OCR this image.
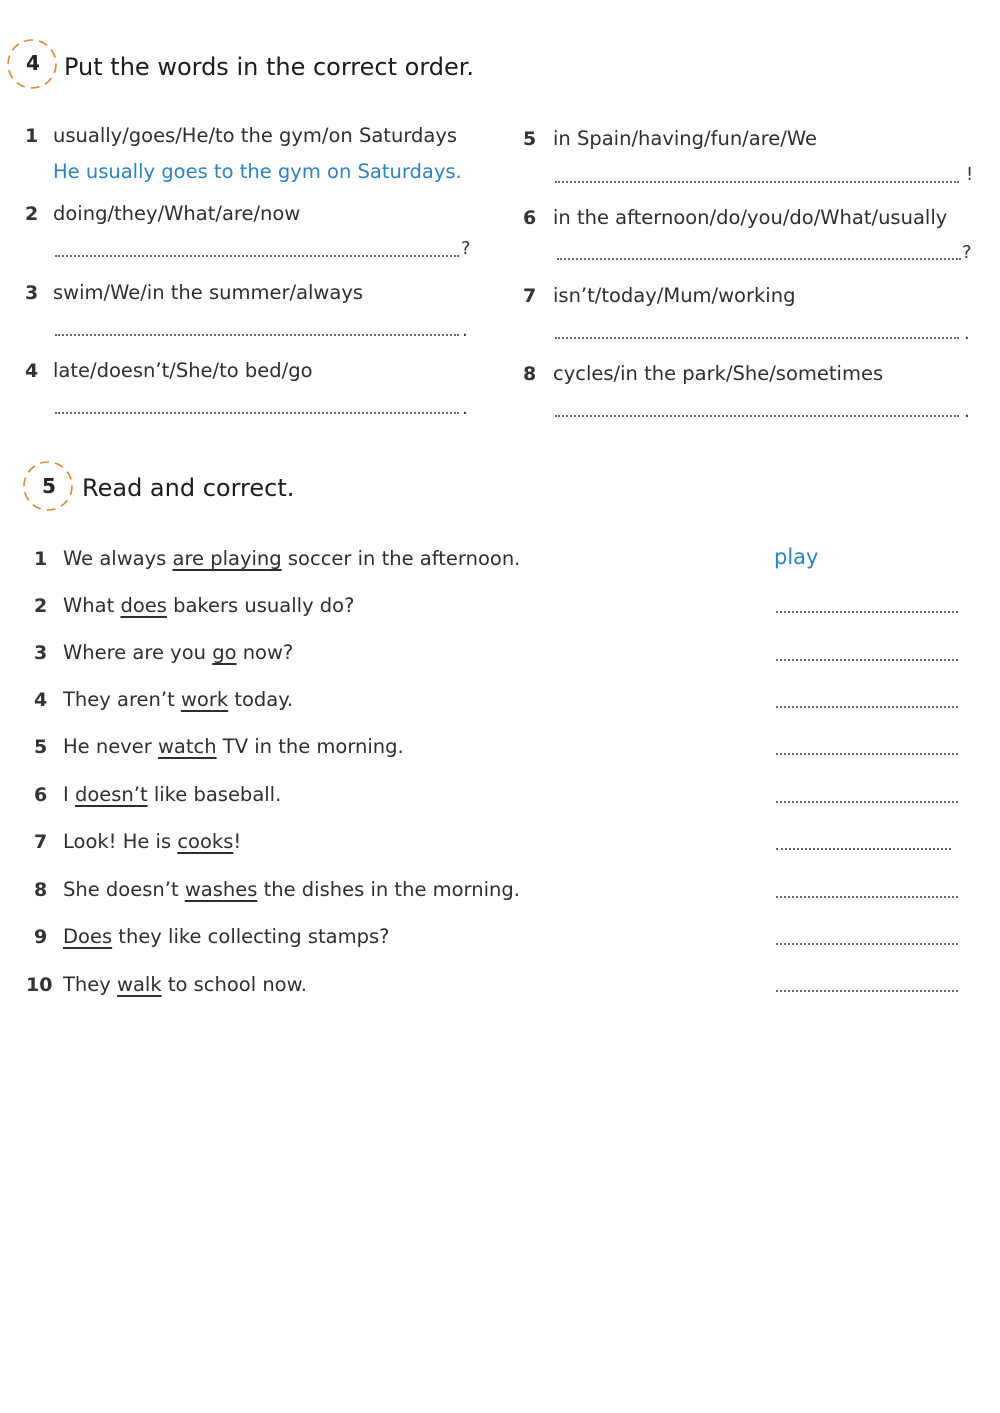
4 Put the words in the correct order.
1 usually/goes/He/to the gym/on Saturdays
He usually goes to the gym on Saturdays.
2 doing/they/What/are/now
?
3 swim/We/in the summer/always
.
4 late/doesn’t/She/to bed/go
.
5 in Spain/having/fun/are/We
!
6 in the afternoon/do/you/do/What/usually
?
7 isn’t/today/Mum/working
.
8 cycles/in the park/She/sometimes
.
5 Read and correct.
1 We always are playing soccer in the afternoon.	play
2 What does bakers usually do?
3 Where are you go now?
4 They aren’t work today.
5 He never watch TV in the morning.
6 I doesn’t like baseball.
7 Look! He is cooks!
8 She doesn’t washes the dishes in the morning.
9 Does they like collecting stamps?
10 They walk to school now.
